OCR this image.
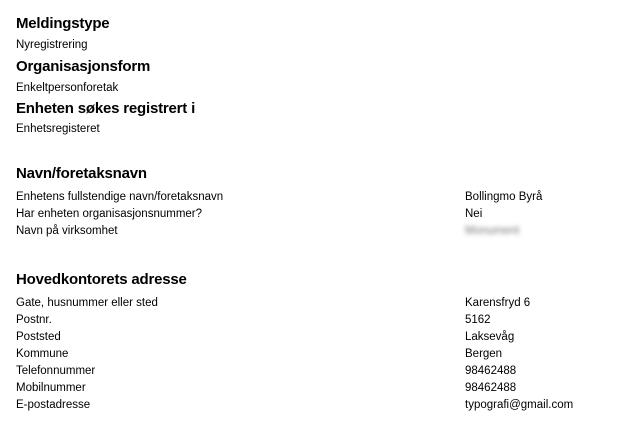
Meldingstype
Nyregistrering
Organisasjonsform
Enkeltpersonforetak
Enheten søkes registrert i
Enhetsregisteret
Navn/foretaksnavn
Enhetens fullstendige navn/foretaksnavn	Bollingmo Byrå
Har enheten organisasjonsnummer?	Nei
Navn på virksomhet	Monument
Hovedkontorets adresse
Gate, husnummer eller sted	Karensfryd 6
Postnr.	5162
Poststed	Laksevåg
Kommune	Bergen
Telefonnummer	98462488
Mobilnummer	98462488
E-postadresse	typografi@gmail.com
